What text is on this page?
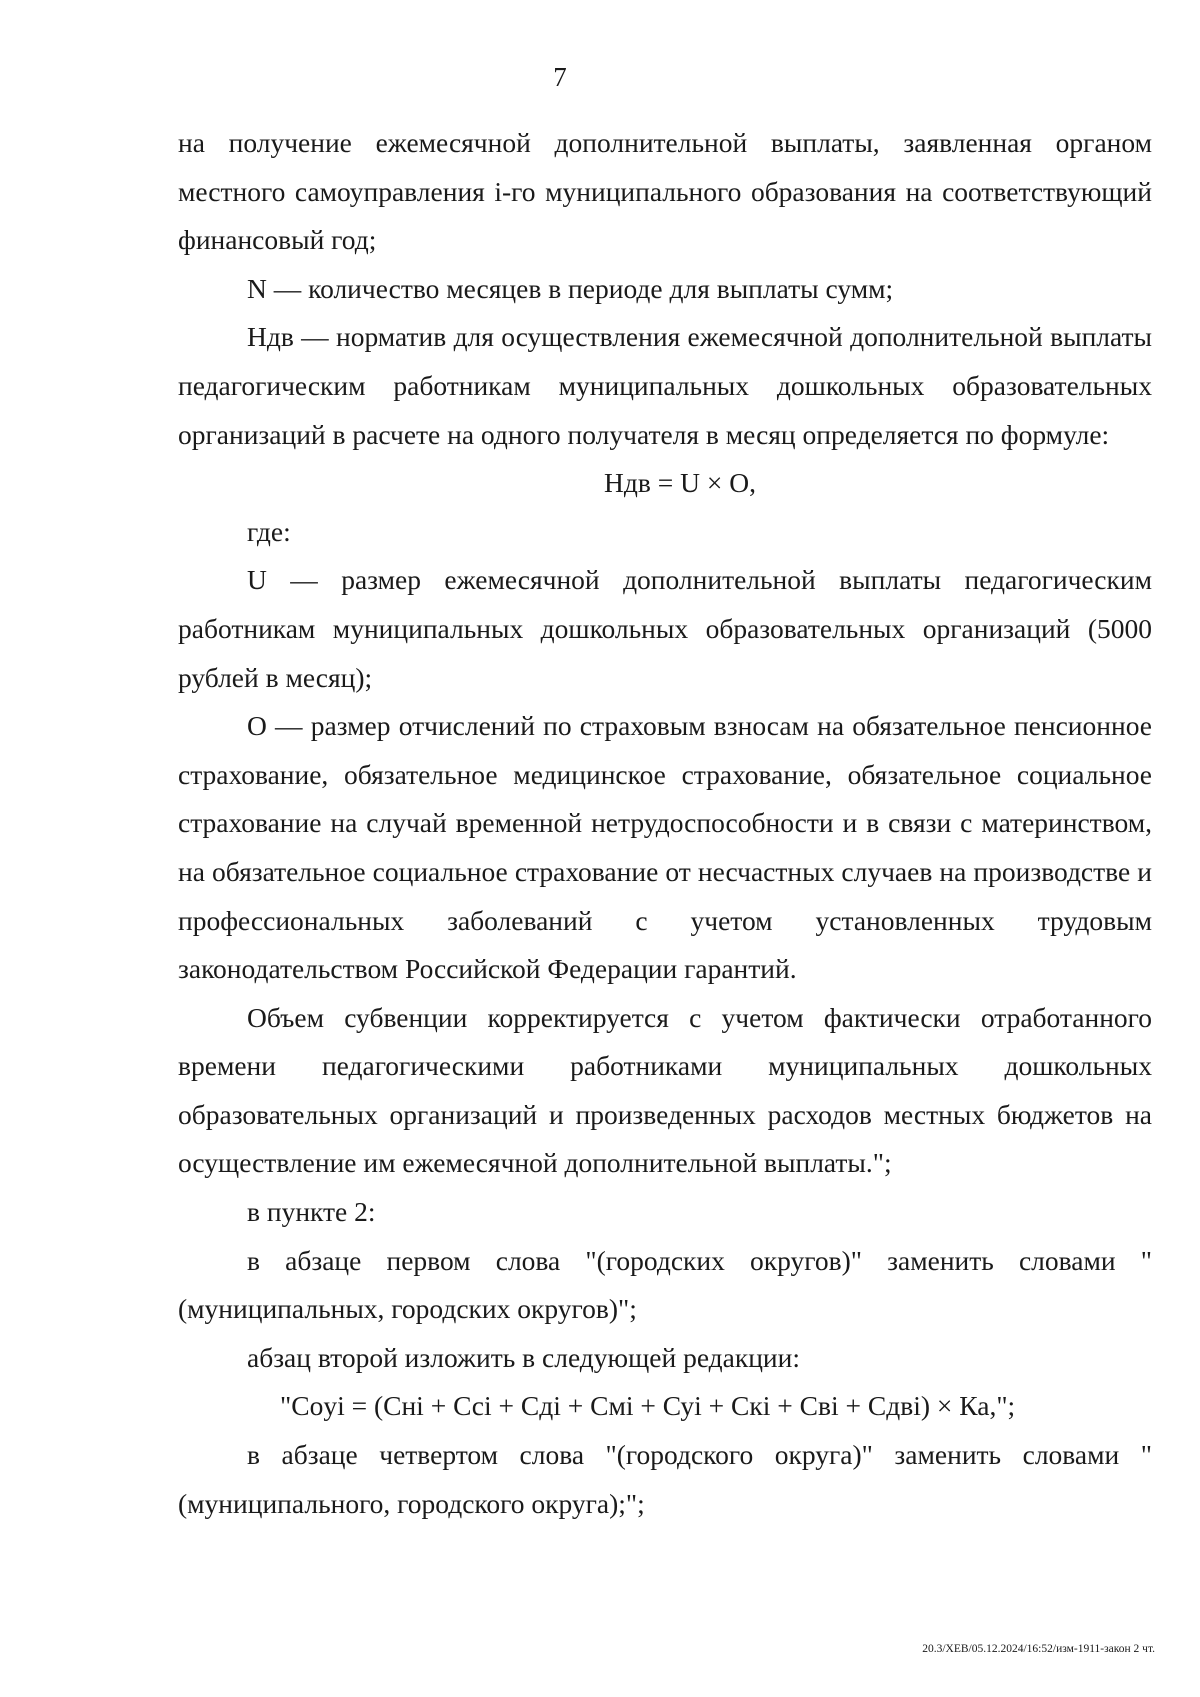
7

на получение ежемесячной дополнительной выплаты, заявленная органом местного самоуправления i-го муниципального образования на соответствующий финансовый год;

N — количество месяцев в периоде для выплаты сумм;

Ндв — норматив для осуществления ежемесячной дополнительной выплаты педагогическим работникам муниципальных дошкольных образовательных организаций в расчете на одного получателя в месяц определяется по формуле:

Ндв = U × O,

где:

U — размер ежемесячной дополнительной выплаты педагогическим работникам муниципальных дошкольных образовательных организаций (5000 рублей в месяц);

О — размер отчислений по страховым взносам на обязательное пенсионное страхование, обязательное медицинское страхование, обязательное социальное страхование на случай временной нетрудоспособности и в связи с материнством, на обязательное социальное страхование от несчастных случаев на производстве и профессиональных заболеваний с учетом установленных трудовым законодательством Российской Федерации гарантий.

Объем субвенции корректируется с учетом фактически отработанного времени педагогическими работниками муниципальных дошкольных образовательных организаций и произведенных расходов местных бюджетов на осуществление им ежемесячной дополнительной выплаты.";

в пункте 2:

в абзаце первом слова "(городских округов)" заменить словами "(муниципальных, городских округов)";

абзац второй изложить в следующей редакции:

"Сoуi = (Снi + Ссi + Сдi + Смi + Суi + Скi + Свi + Сдвi) × Ка,";

в абзаце четвертом слова "(городского округа)" заменить словами "(муниципального, городского округа);";

20.3/XEB/05.12.2024/16:52/изм-1911-закон 2 чт.
